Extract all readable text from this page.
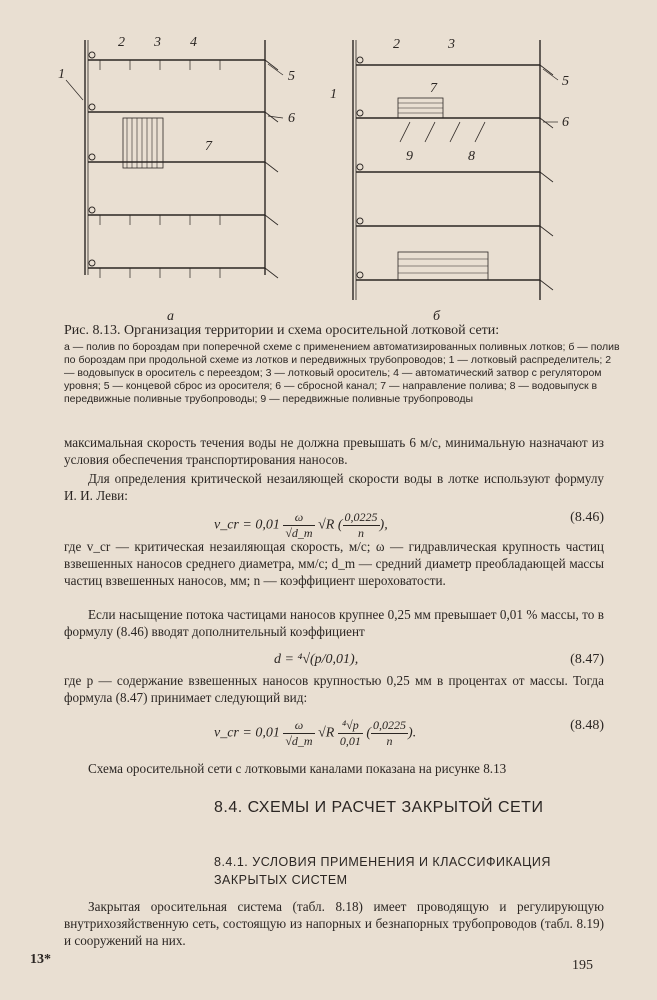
1
2 3 4
5
6
7
1
2	3
5
6
7
8
9
а	б
Рис. 8.13. Организация территории и схема оросительной лотковой сети:
а — полив по бороздам при поперечной схеме с применением автоматизированных поливных лотков; б — полив по бороздам при продольной схеме из лотков и передвижных трубопроводов; 1 — лотковый распределитель; 2 — водовыпуск в ороситель с переездом; 3 — лотковый ороситель; 4 — автоматический затвор с регулятором уровня; 5 — концевой сброс из оросителя; 6 — сбросной канал; 7 — направление полива; 8 — водовыпуск в передвижные поливные трубопроводы; 9 — передвижные поливные трубопроводы
максимальная скорость течения воды не должна превышать 6 м/с, минимальную назначают из условия обеспечения транспортирования наносов.
Для определения критической незаиляющей скорости воды в лотке используют формулу И. И. Леви:
v_cr = $0,01 \frac{\omega}{√d\_m} √R$ ( $\frac{0,0225}{n}$ ),
(8.46)
где v_cr — критическая незаиляющая скорость, м/с; ω — гидравлическая крупность частиц взвешенных наносов среднего диаметра, мм/с; d_m — средний диаметр преобладающей массы частиц взвешенных наносов, мм; n — коэффициент шероховатости.
Если насыщение потока частицами наносов крупнее 0,25 мм превышает 0,01 % массы, то в формулу (8.46) вводят дополнительный коэффициент
d = ⁴√(p/0,01),	(8.47)
где p — содержание взвешенных наносов крупностью 0,25 мм в процентах от массы. Тогда формула (8.47) принимает следующий вид:
v_cr = $0,01 \frac{\omega}{√d\_m} √R \frac{\text{⁴√p}}{0,01}$ ( $\frac{0,0225}{n}$ ).
(8.48)
Схема оросительной сети с лотковыми каналами показана на рисунке 8.13
8.4. СХЕМЫ И РАСЧЕТ ЗАКРЫТОЙ СЕТИ
8.4.1. УСЛОВИЯ ПРИМЕНЕНИЯ И КЛАССИФИКАЦИЯ ЗАКРЫТЫХ СИСТЕМ
Закрытая оросительная система (табл. 8.18) имеет проводящую и регулирующую внутрихозяйственную сеть, состоящую из напорных и безнапорных трубопроводов (табл. 8.19) и сооружений на них.
13*	195
